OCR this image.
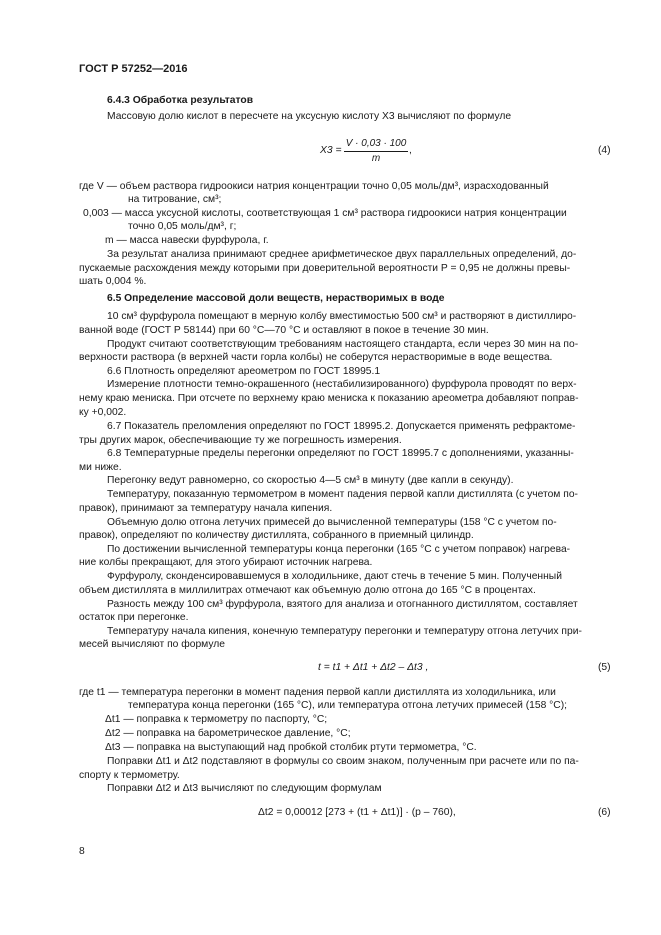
ГОСТ Р 57252—2016
6.4.3 Обработка результатов
Массовую долю кислот в пересчете на уксусную кислоту X3 вычисляют по формуле
X3 =
V · 0,03 · 100
m
,	(4)
где V — объем раствора гидроокиси натрия концентрации точно 0,05 моль/дм³, израсходованный
на титрование, см³;
0,003 — масса уксусной кислоты, соответствующая 1 см³ раствора гидроокиси натрия концентрации
точно 0,05 моль/дм³, г;
m — масса навески фурфурола, г.
За результат анализа принимают среднее арифметическое двух параллельных определений, до-
пускаемые расхождения между которыми при доверительной вероятности P = 0,95 не должны превы-
шать 0,004 %.
6.5 Определение массовой доли веществ, нерастворимых в воде
10 см³ фурфурола помещают в мерную колбу вместимостью 500 см³ и растворяют в дистиллиро-
ванной воде (ГОСТ Р 58144) при 60 °С—70 °С и оставляют в покое в течение 30 мин.
Продукт считают соответствующим требованиям настоящего стандарта, если через 30 мин на по-
верхности раствора (в верхней части горла колбы) не соберутся нерастворимые в воде вещества.
6.6 Плотность определяют ареометром по ГОСТ 18995.1
Измерение плотности темно-окрашенного (нестабилизированного) фурфурола проводят по верх-
нему краю мениска. При отсчете по верхнему краю мениска к показанию ареометра добавляют поправ-
ку +0,002.
6.7 Показатель преломления определяют по ГОСТ 18995.2. Допускается применять рефрактоме-
тры других марок, обеспечивающие ту же погрешность измерения.
6.8 Температурные пределы перегонки определяют по ГОСТ 18995.7 с дополнениями, указанны-
ми ниже.
Перегонку ведут равномерно, со скоростью 4—5 см³ в минуту (две капли в секунду).
Температуру, показанную термометром в момент падения первой капли дистиллята (с учетом по-
правок), принимают за температуру начала кипения.
Объемную долю отгона летучих примесей до вычисленной температуры (158 °С с учетом по-
правок), определяют по количеству дистиллята, собранного в приемный цилиндр.
По достижении вычисленной температуры конца перегонки (165 °С с учетом поправок) нагрева-
ние колбы прекращают, для этого убирают источник нагрева.
Фурфуролу, сконденсировавшемуся в холодильнике, дают стечь в течение 5 мин. Полученный
объем дистиллята в миллилитрах отмечают как объемную долю отгона до 165 °С в процентах.
Разность между 100 см³ фурфурола, взятого для анализа и отогнанного дистиллятом, составляет
остаток при перегонке.
Температуру начала кипения, конечную температуру перегонки и температуру отгона летучих при-
месей вычисляют по формуле
t = t1 + Δt1 + Δt2 – Δt3 ,	(5)
где t1 — температура перегонки в момент падения первой капли дистиллята из холодильника, или
температура конца перегонки (165 °С), или температура отгона летучих примесей (158 °С);
Δt1 — поправка к термометру по паспорту, °С;
Δt2 — поправка на барометрическое давление, °С;
Δt3 — поправка на выступающий над пробкой столбик ртути термометра, °С.
Поправки Δt1 и Δt2 подставляют в формулы со своим знаком, полученным при расчете или по па-
спорту к термометру.
Поправки Δt2 и Δt3 вычисляют по следующим формулам
Δt2 = 0,00012 [273 + (t1 + Δt1)] · (p – 760),	(6)
8
